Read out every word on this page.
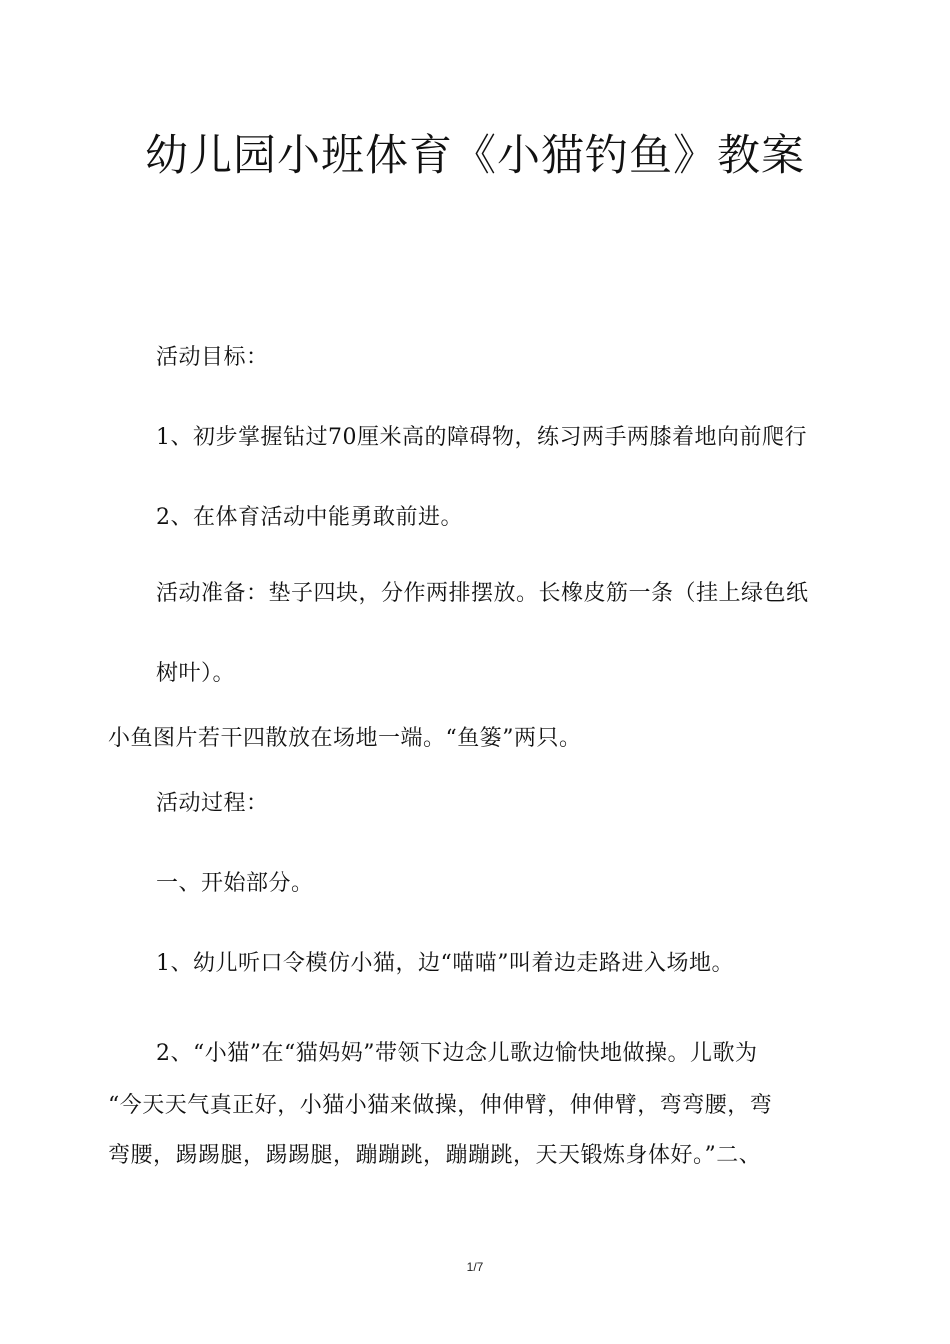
幼儿园小班体育《小猫钓鱼》教案

活动目标：

1、初步掌握钻过70厘米高的障碍物，练习两手两膝着地向前爬行

2、在体育活动中能勇敢前进。

活动准备：垫子四块，分作两排摆放。长橡皮筋一条（挂上绿色纸

树叶）。

小鱼图片若干四散放在场地一端。“鱼篓”两只。

活动过程：

一、开始部分。

1、幼儿听口令模仿小猫，边“喵喵”叫着边走路进入场地。

2、“小猫”在“猫妈妈”带领下边念儿歌边愉快地做操。儿歌为

“今天天气真正好，小猫小猫来做操，伸伸臂，伸伸臂，弯弯腰，弯

弯腰，踢踢腿，踢踢腿，蹦蹦跳，蹦蹦跳，天天锻炼身体好。”二、

1/7
